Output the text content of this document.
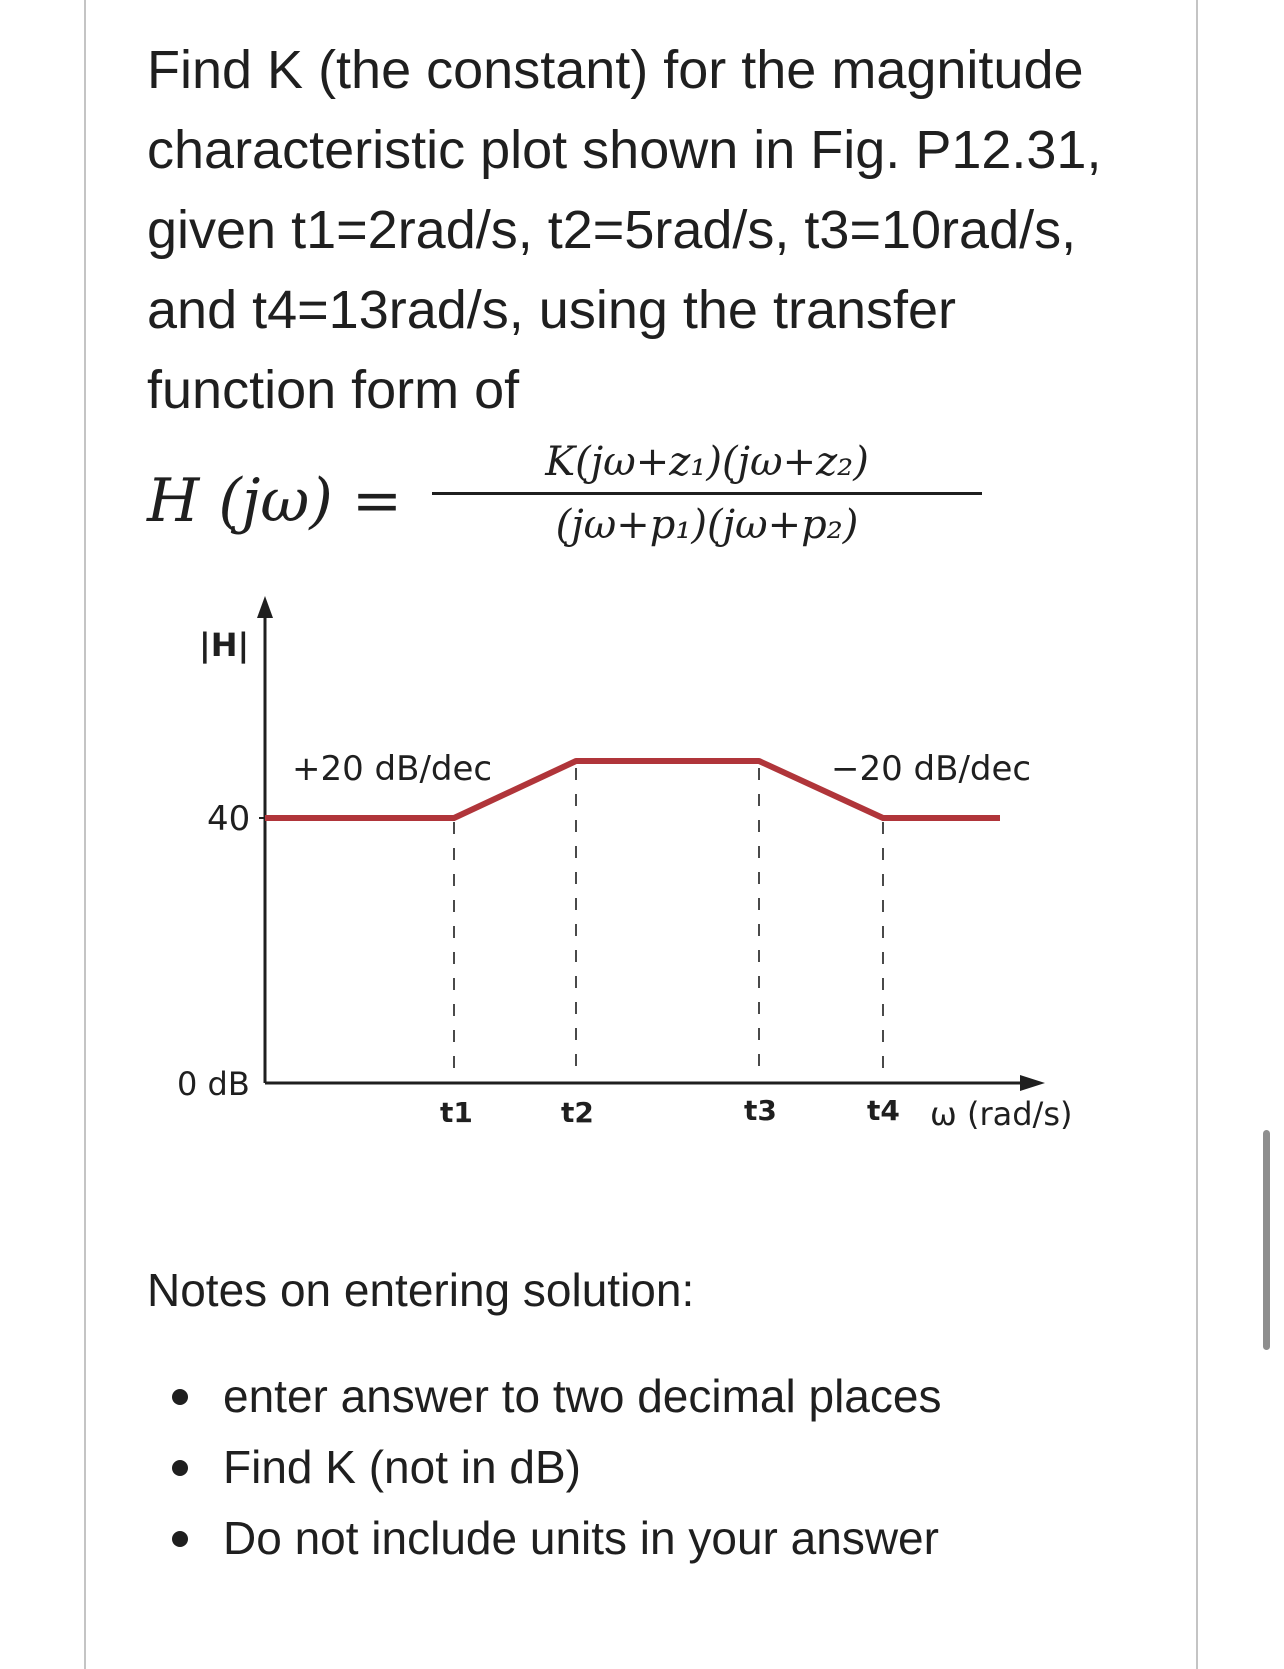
Find K (the constant) for the magnitude
characteristic plot shown in Fig. P12.31,
given t1=2rad/s, t2=5rad/s, t3=10rad/s,
and t4=13rad/s, using the transfer
function form of

H (jω) =
K(jω+z₁)(jω+z₂)
(jω+p₁)(jω+p₂)
|H|
40
0 dB
+20 dB/dec	−20 dB/dec
t1	t2	t3	t4 ω (rad/s)

Notes on entering solution:

enter answer to two decimal places
Find K (not in dB)
Do not include units in your answer
